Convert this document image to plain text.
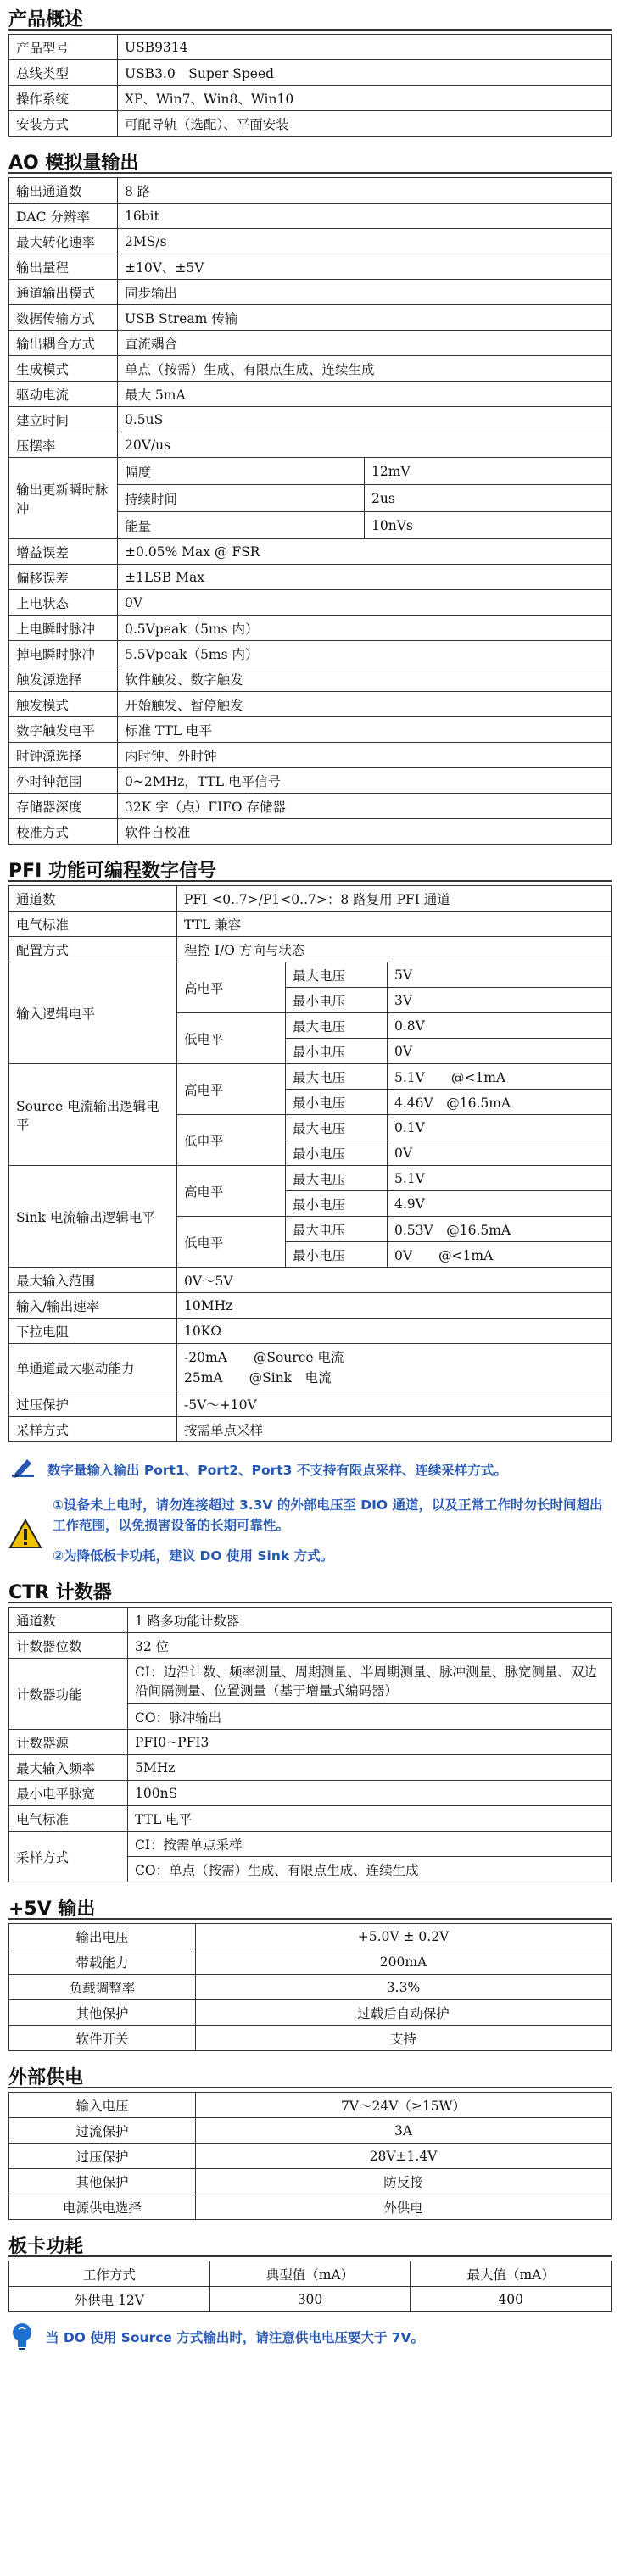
产品概述
产品型号	USB9314
总线类型	USB3.0　Super Speed
操作系统	XP、Win7、Win8、Win10
安装方式	可配导轨（选配）、平面安装
AO 模拟量输出
输出通道数	8 路	
DAC 分辨率	16bit	
最大转化速率	2MS/s	
输出量程	±10V、±5V	
通道输出模式	同步输出	
数据传输方式	USB Stream 传输	
输出耦合方式	直流耦合	
生成模式	单点（按需）生成、有限点生成、连续生成	
驱动电流	最大 5mA	
建立时间	0.5uS	
压摆率	20V/us	
输出更新瞬时脉冲	幅度	12mV
	持续时间	2us
	能量	10nVs
增益误差	±0.05% Max @ FSR	
偏移误差	±1LSB Max	
上电状态	0V	
上电瞬时脉冲	0.5Vpeak（5ms 内）	
掉电瞬时脉冲	5.5Vpeak（5ms 内）	
触发源选择	软件触发、数字触发	
触发模式	开始触发、暂停触发	
数字触发电平	标准 TTL 电平	
时钟源选择	内时钟、外时钟	
外时钟范围	0~2MHz，TTL 电平信号	
存储器深度	32K 字（点）FIFO 存储器	
校准方式	软件自校准	
PFI 功能可编程数字信号
通道数	PFI <0..7>/P1<0..7>：8 路复用 PFI 通道		
电气标准	TTL 兼容		
配置方式	程控 I/O 方向与状态		
输入逻辑电平	高电平	最大电压	5V
		最小电压	3V
	低电平	最大电压	0.8V
		最小电压	0V
Source 电流输出逻辑电平	高电平	最大电压	5.1V　　@<1mA
		最小电压	4.46V　@16.5mA
	低电平	最大电压	0.1V
		最小电压	0V
Sink 电流输出逻辑电平	高电平	最大电压	5.1V
		最小电压	4.9V
	低电平	最大电压	0.53V　@16.5mA
		最小电压	0V　　@<1mA
最大输入范围	0V～5V		
输入/输出速率	10MHz		
下拉电阻	10KΩ		
单通道最大驱动能力	-20mA　　@Source 电流
25mA　　@Sink　电流		

过压保护	-5V～+10V		
采样方式	按需单点采样		
数字量输入输出 Port1、Port2、Port3 不支持有限点采样、连续采样方式。
①设备未上电时，请勿连接超过 3.3V 的外部电压至 DIO 通道，以及正常工作时勿长时间超出工作范围，以免损害设备的长期可靠性。
②为降低板卡功耗，建议 DO 使用 Sink 方式。
CTR 计数器
通道数	1 路多功能计数器
计数器位数	32 位
计数器功能	CI：边沿计数、频率测量、周期测量、半周期测量、脉冲测量、脉宽测量、双边沿间隔测量、位置测量（基于增量式编码器）
	CO：脉冲输出
计数器源	PFI0~PFI3
最大输入频率	5MHz
最小电平脉宽	100nS
电气标准	TTL 电平
采样方式	CI：按需单点采样
	CO：单点（按需）生成、有限点生成、连续生成
+5V 输出
输出电压	+5.0V ± 0.2V
带载能力	200mA
负载调整率	3.3%
其他保护	过载后自动保护
软件开关	支持
外部供电
输入电压	7V～24V（≥15W）
过流保护	3A
过压保护	28V±1.4V
其他保护	防反接
电源供电选择	外供电
板卡功耗
工作方式	典型值（mA）	最大值（mA）
外供电 12V	300	400
当 DO 使用 Source 方式输出时，请注意供电电压要大于 7V。
